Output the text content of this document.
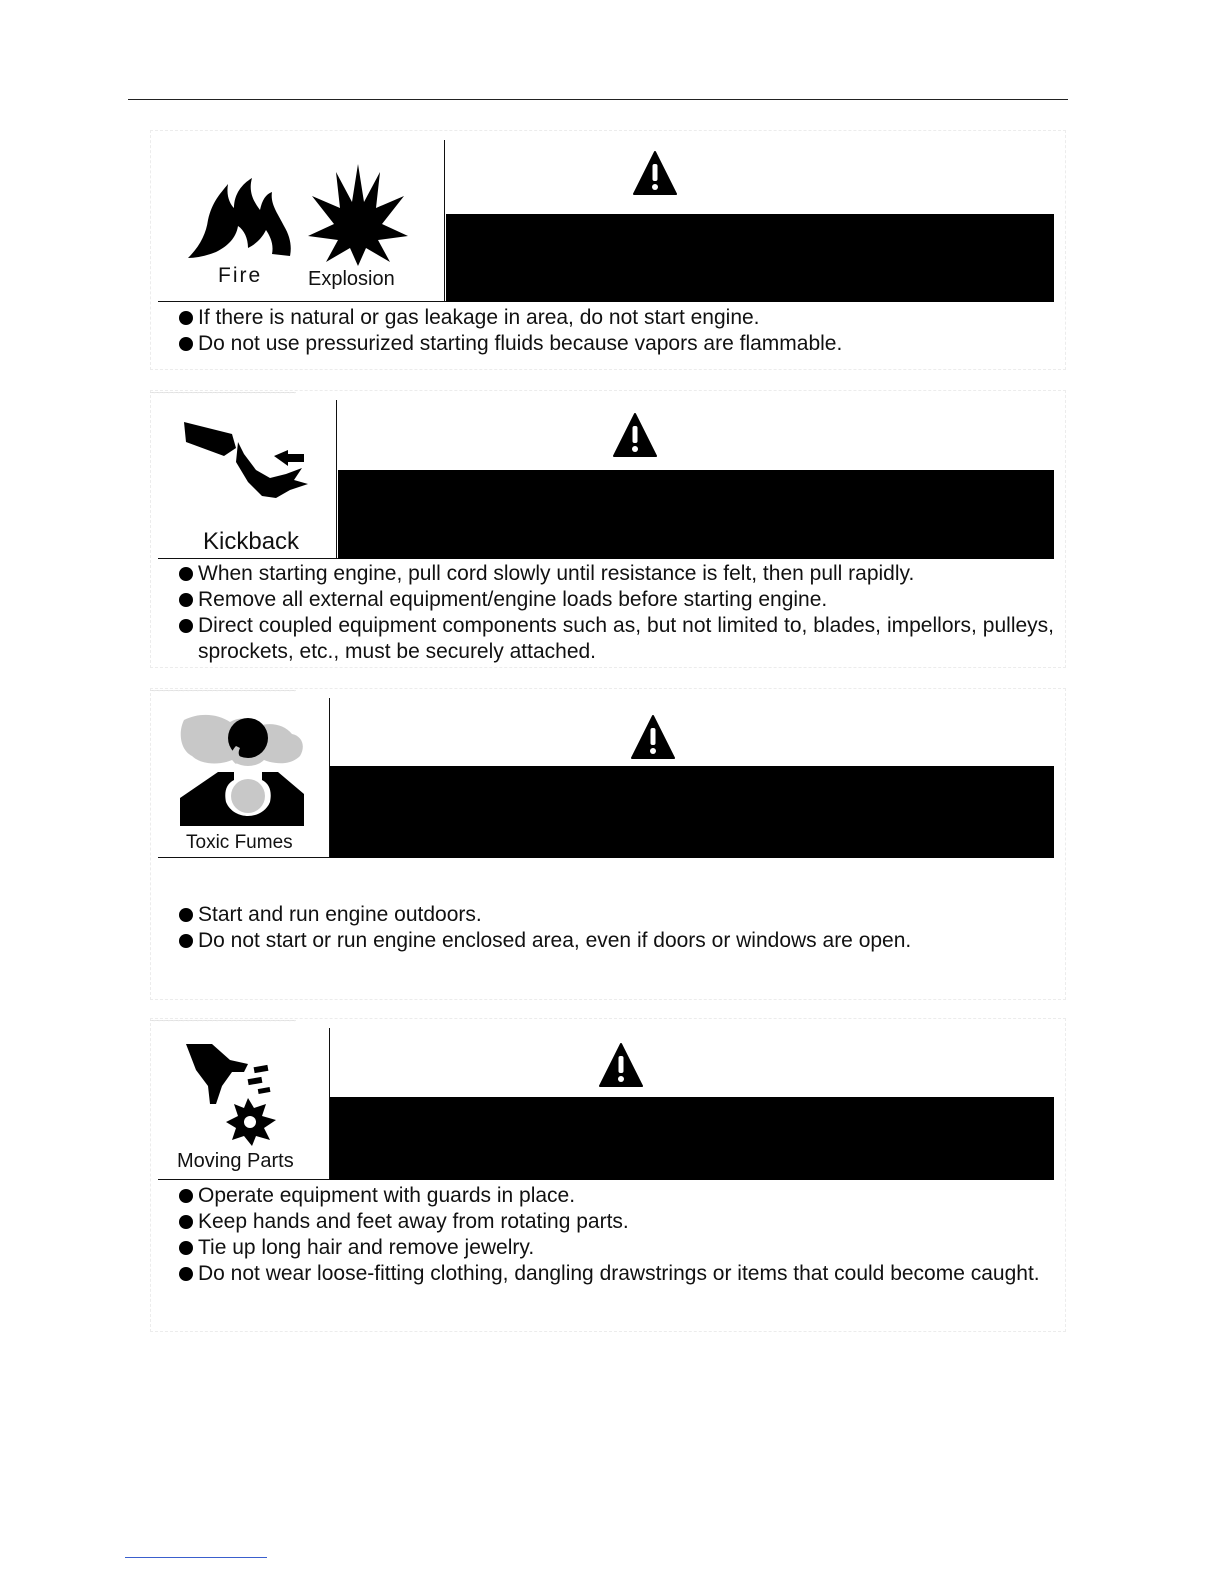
Fire Explosion
If there is natural or gas leakage in area, do not start engine.
Do not use pressurized starting fluids because vapors are flammable.
~~~~~~~~~~~~~~~~~~~~~~~~~~~~~~
Kickback
When starting engine, pull cord slowly until resistance is felt, then pull rapidly.
Remove all external equipment/engine loads before starting engine.
Direct coupled equipment components such as, but not limited to, blades, impellors, pulleys, sprockets, etc., must be securely attached.
~~~~~~~~~~~~~~~~~~~~~~~~~~~~~~
Toxic Fumes
Start and run engine outdoors.
Do not start or run engine enclosed area, even if doors or windows are open.
~~~~~~~~~~~~~~~~~~~~~~~~~~~~~~
Moving Parts
Operate equipment with guards in place.
Keep hands and feet away from rotating parts.
Tie up long hair and remove jewelry.
Do not wear loose-fitting clothing, dangling drawstrings or items that could become caught.
